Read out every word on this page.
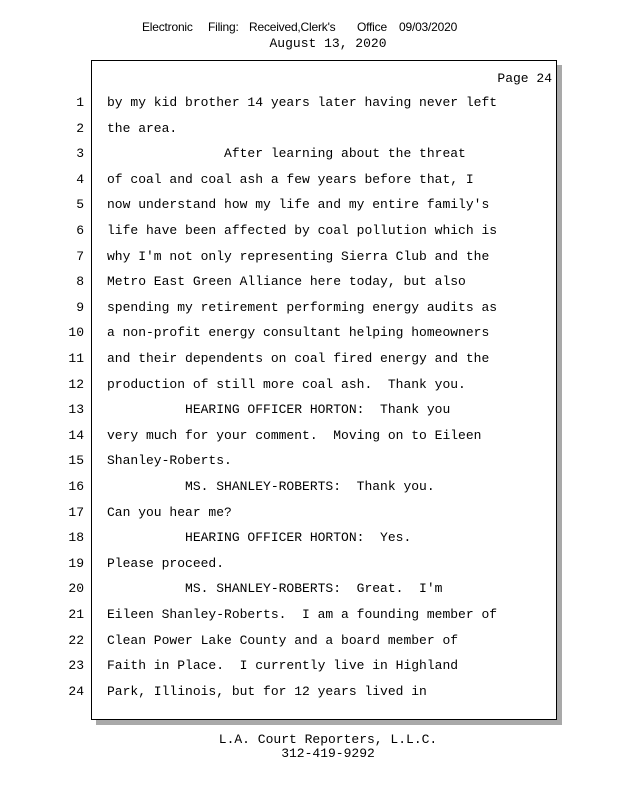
Electronic

Filing:

Received,Clerk's

Office

09/03/2020

August 13, 2020
Page 24
1 by my kid brother 14 years later having never left
2 the area.
3 After learning about the threat
4 of coal and coal ash a few years before that, I
5 now understand how my life and my entire family's
6 life have been affected by coal pollution which is
7 why I'm not only representing Sierra Club and the
8 Metro East Green Alliance here today, but also
9 spending my retirement performing energy audits as
10 a non-profit energy consultant helping homeowners
11 and their dependents on coal fired energy and the
12 production of still more coal ash.  Thank you.
13 HEARING OFFICER HORTON:  Thank you
14 very much for your comment.  Moving on to Eileen
15 Shanley-Roberts.
16 MS. SHANLEY-ROBERTS:  Thank you.
17 Can you hear me?
18 HEARING OFFICER HORTON:  Yes.
19 Please proceed.
20 MS. SHANLEY-ROBERTS:  Great.  I'm
21 Eileen Shanley-Roberts.  I am a founding member of
22 Clean Power Lake County and a board member of
23 Faith in Place.  I currently live in Highland
24 Park, Illinois, but for 12 years lived in
L.A. Court Reporters, L.L.C.
312-419-9292
